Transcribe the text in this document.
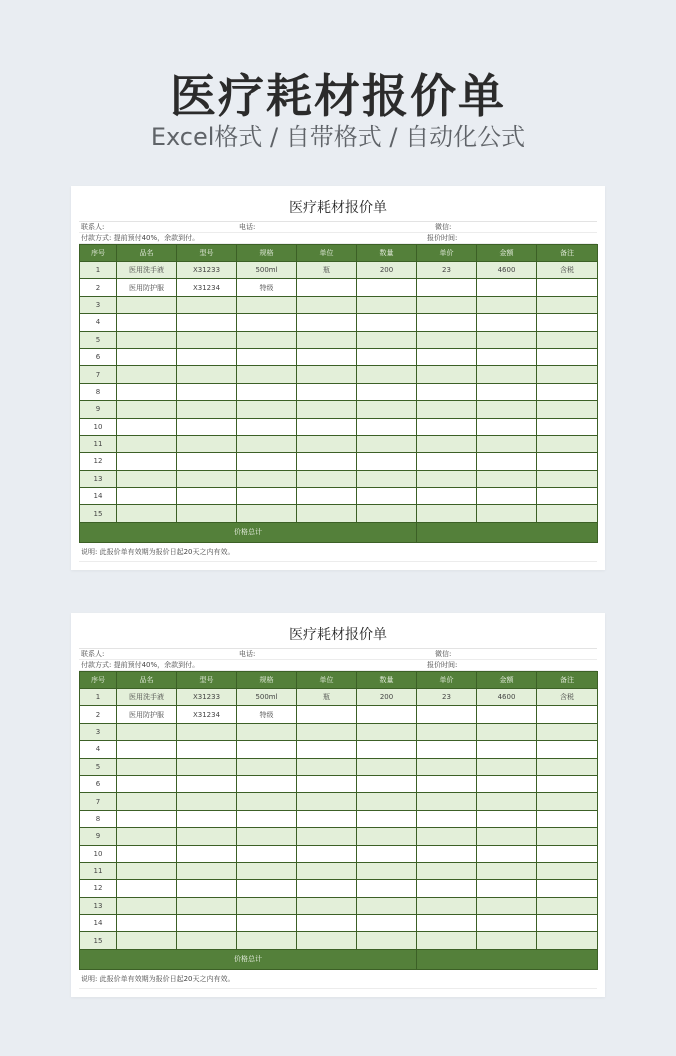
医疗耗材报价单
Excel格式 / 自带格式 / 自动化公式
医疗耗材报价单
联系人:	电话:	微信:
付款方式: 提前预付40%，余款到付。	报价时间:
序号	品名	型号	规格	单位	数量	单价	金额	备注
1	医用洗手液	X31233	500ml	瓶	200	23	4600	含税
2	医用防护服	X31234	特级					
3								
4								
5								
6								
7								
8								
9								
10								
11								
12								
13								
14								
15								
价格总计								
说明: 此报价单有效期为报价日起20天之内有效。
医疗耗材报价单
联系人:	电话:	微信:
付款方式: 提前预付40%，余款到付。	报价时间:
序号	品名	型号	规格	单位	数量	单价	金额	备注
1	医用洗手液	X31233	500ml	瓶	200	23	4600	含税
2	医用防护服	X31234	特级					
3								
4								
5								
6								
7								
8								
9								
10								
11								
12								
13								
14								
15								
价格总计								
说明: 此报价单有效期为报价日起20天之内有效。
